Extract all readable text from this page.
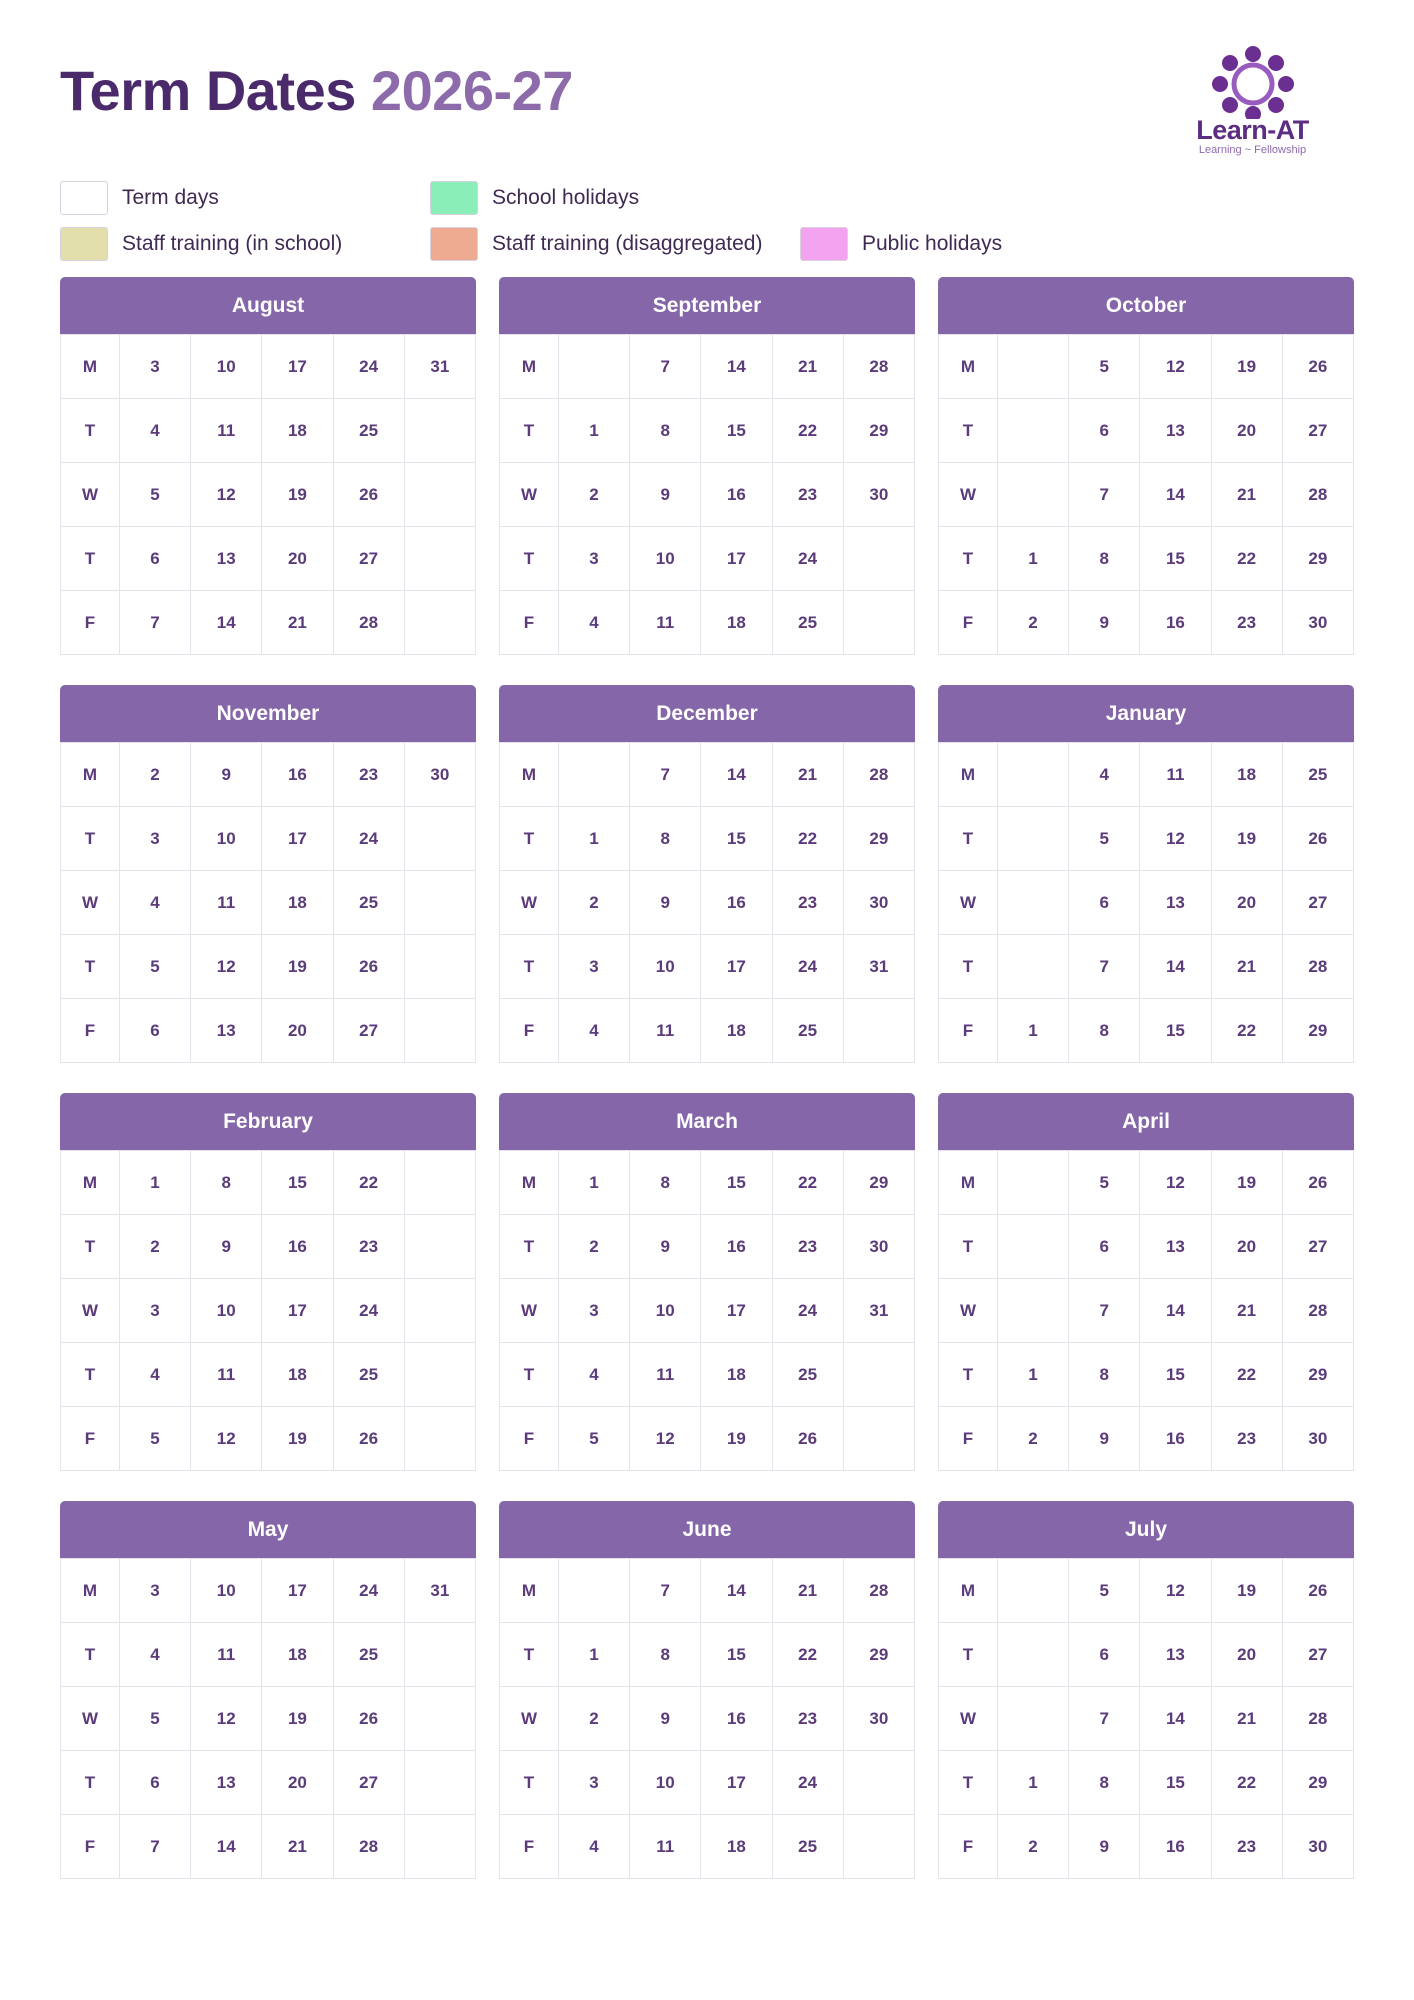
Term Dates 2026-27
Learn-AT
Learning ~ Fellowship
Term days	School holidays
Staff training (in school)	Staff training (disaggregated)	Public holidays
August
M	3	10	17	24	31
T	4	11	18	25	
W	5	12	19	26	
T	6	13	20	27	
F	7	14	21	28	
September
M		7	14	21	28
T	1	8	15	22	29
W	2	9	16	23	30
T	3	10	17	24	
F	4	11	18	25	
October
M		5	12	19	26
T		6	13	20	27
W		7	14	21	28
T	1	8	15	22	29
F	2	9	16	23	30
November
M	2	9	16	23	30
T	3	10	17	24	
W	4	11	18	25	
T	5	12	19	26	
F	6	13	20	27	
December
M		7	14	21	28
T	1	8	15	22	29
W	2	9	16	23	30
T	3	10	17	24	31
F	4	11	18	25	
January
M		4	11	18	25
T		5	12	19	26
W		6	13	20	27
T		7	14	21	28
F	1	8	15	22	29
February
M	1	8	15	22	
T	2	9	16	23	
W	3	10	17	24	
T	4	11	18	25	
F	5	12	19	26	
March
M	1	8	15	22	29
T	2	9	16	23	30
W	3	10	17	24	31
T	4	11	18	25	
F	5	12	19	26	
April
M		5	12	19	26
T		6	13	20	27
W		7	14	21	28
T	1	8	15	22	29
F	2	9	16	23	30
May
M	3	10	17	24	31
T	4	11	18	25	
W	5	12	19	26	
T	6	13	20	27	
F	7	14	21	28	
June
M		7	14	21	28
T	1	8	15	22	29
W	2	9	16	23	30
T	3	10	17	24	
F	4	11	18	25	
July
M		5	12	19	26
T		6	13	20	27
W		7	14	21	28
T	1	8	15	22	29
F	2	9	16	23	30
